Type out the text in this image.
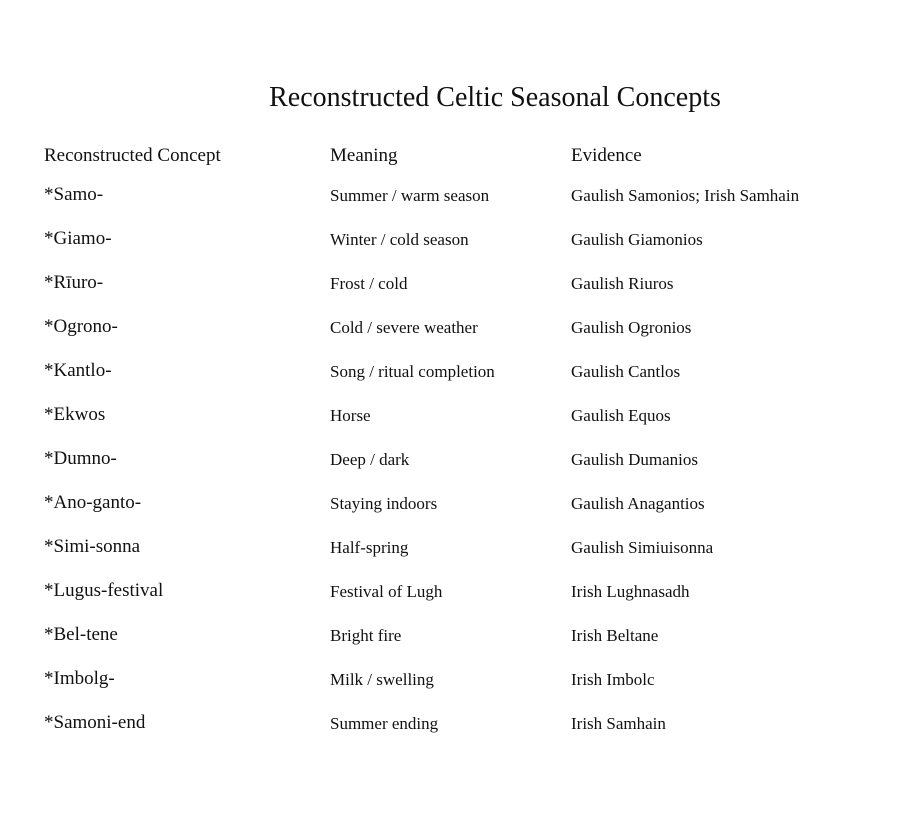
Reconstructed Celtic Seasonal Concepts
Reconstructed Concept	Meaning	Evidence
*Samo-	Summer / warm season	Gaulish Samonios; Irish Samhain
*Giamo-	Winter / cold season	Gaulish Giamonios
*Rīuro-	Frost / cold	Gaulish Riuros
*Ogrono-	Cold / severe weather	Gaulish Ogronios
*Kantlo-	Song / ritual completion	Gaulish Cantlos
*Ekwos	Horse	Gaulish Equos
*Dumno-	Deep / dark	Gaulish Dumanios
*Ano-ganto-	Staying indoors	Gaulish Anagantios
*Simi-sonna	Half-spring	Gaulish Simiuisonna
*Lugus-festival	Festival of Lugh	Irish Lughnasadh
*Bel-tene	Bright fire	Irish Beltane
*Imbolg-	Milk / swelling	Irish Imbolc
*Samoni-end	Summer ending	Irish Samhain
